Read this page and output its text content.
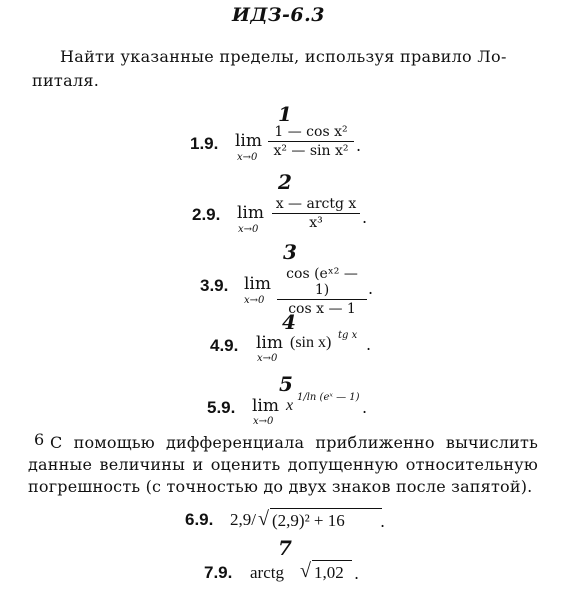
ИДЗ-6.3
Найти указанные пределы, используя правило Ло-
питаля.
1
1.9. lim
$x\to 0 \frac{\text{1 — cos x²}}{\text{x² — sin x²}}$ .
2
2.9. lim
x→0
x — arctg x
x³	.
3
3.9. lim
$x\to 0 \frac{\text{cos (eˣ² — 1)}}{\text{cos x — 1}}$ .
4
4.9. lim
x→0
(sin x) tg x .
5
5.9. lim
x→0
x 1/ln (eˣ — 1)
.
6 С помощью дифференциала приближенно вычислить данные величины и оценить допущенную относительную погрешность (с точностью до двух знаков после запятой).
6.9. 2,9/ √ (2,9)² + 16 .
7
7.9. arctg √ 1,02 .
